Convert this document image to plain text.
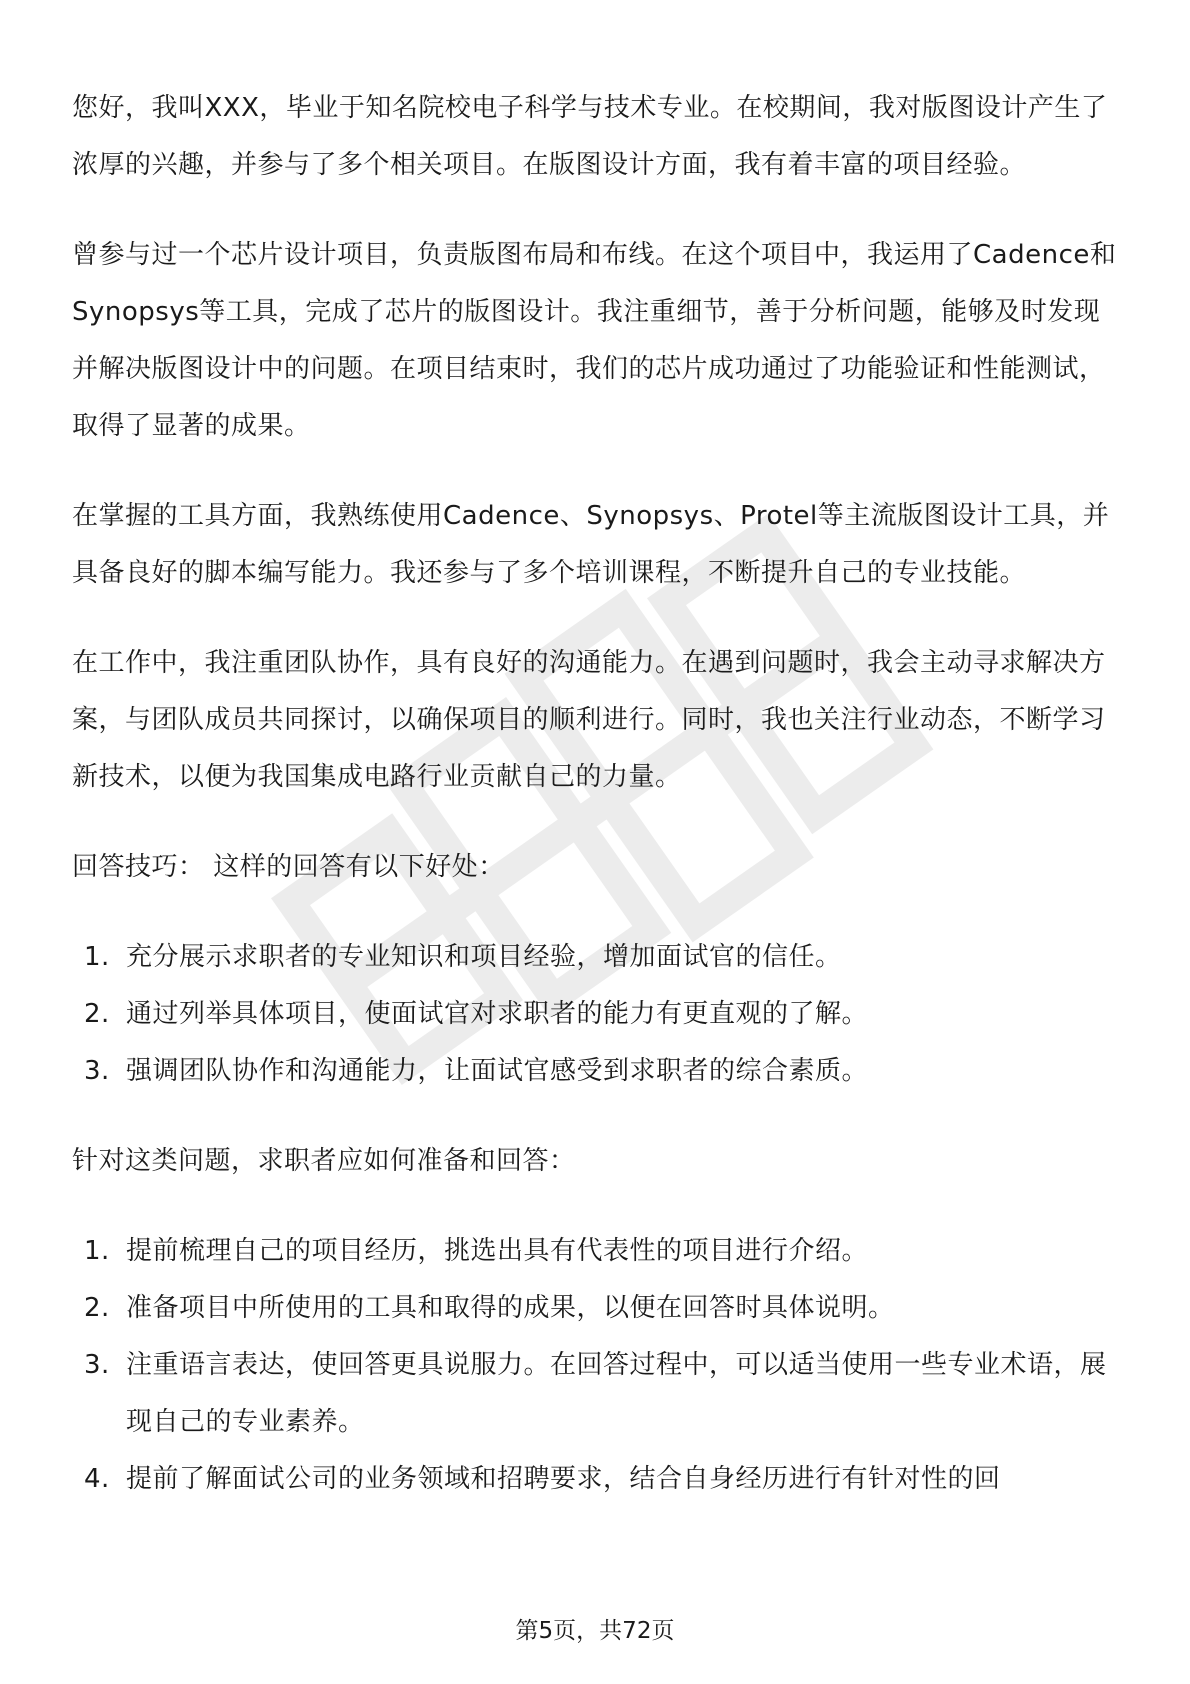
您好，我叫XXX，毕业于知名院校电子科学与技术专业。在校期间，我对版图设计产生了浓厚的兴趣，并参与了多个相关项目。在版图设计方面，我有着丰富的项目经验。

曾参与过一个芯片设计项目，负责版图布局和布线。在这个项目中，我运用了Cadence和Synopsys等工具，完成了芯片的版图设计。我注重细节，善于分析问题，能够及时发现并解决版图设计中的问题。在项目结束时，我们的芯片成功通过了功能验证和性能测试，取得了显著的成果。

在掌握的工具方面，我熟练使用Cadence、Synopsys、Protel等主流版图设计工具，并具备良好的脚本编写能力。我还参与了多个培训课程，不断提升自己的专业技能。

在工作中，我注重团队协作，具有良好的沟通能力。在遇到问题时，我会主动寻求解决方案，与团队成员共同探讨，以确保项目的顺利进行。同时，我也关注行业动态，不断学习新技术，以便为我国集成电路行业贡献自己的力量。

回答技巧： 这样的回答有以下好处：
1. 充分展示求职者的专业知识和项目经验，增加面试官的信任。
2. 通过列举具体项目，使面试官对求职者的能力有更直观的了解。
3. 强调团队协作和沟通能力，让面试官感受到求职者的综合素质。
针对这类问题，求职者应如何准备和回答：
1. 提前梳理自己的项目经历，挑选出具有代表性的项目进行介绍。
2. 准备项目中所使用的工具和取得的成果，以便在回答时具体说明。
3. 注重语言表达，使回答更具说服力。在回答过程中，可以适当使用一些专业术语，展现自己的专业素养。
4. 提前了解面试公司的业务领域和招聘要求，结合自身经历进行有针对性的回
第5页，共72页
